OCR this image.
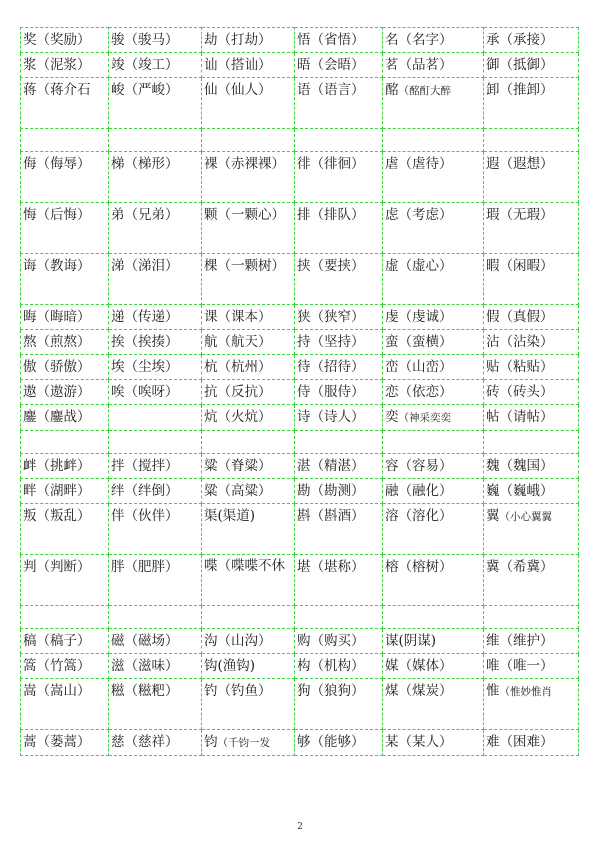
奖（奖励）	骏（骏马）	劫（打劫）	悟（省悟）	名（名字）	承（承接）
浆（泥浆）	竣（竣工）	讪（搭讪）	晤（会晤）	茗（品茗）	御（抵御）
蒋（蒋介石	峻（严峻）	仙（仙人）	语（语言）	酩（酩酊大醉	卸（推卸）

侮（侮辱）	梯（梯形）	裸（赤裸裸）	徘（徘徊）	虐（虐待）	遐（遐想）
悔（后悔）	弟（兄弟）	颗（一颗心）	排（排队）	虑（考虑）	瑕（无瑕）
诲（教诲）	涕（涕泪）	棵（一颗树）	挟（要挟）	虚（虚心）	暇（闲暇）
晦（晦暗）	递（传递）	课（课本）	狭（狭窄）	虔（虔诚）	假（真假）
熬（煎熬）	挨（挨揍）	航（航天）	持（坚持）	蛮（蛮横）	沾（沾染）
傲（骄傲）	埃（尘埃）	杭（杭州）	待（招待）	峦（山峦）	贴（粘贴）
遨（遨游）	唉（唉呀）	抗（反抗）	侍（服侍）	恋（依恋）	砖（砖头）
鏖（鏖战）		炕（火炕）	诗（诗人）	奕（神采奕奕	帖（请帖）

衅（挑衅）	拌（搅拌）	粱（脊粱）	湛（精湛）	容（容易）	魏（魏国）
畔（湖畔）	绊（绊倒）	粱（高粱）	勘（勘测）	融（融化）	巍（巍峨）
叛（叛乱）	伴（伙伴）	渠(渠道)	斟（斟酒）	溶（溶化）	翼（小心翼翼
判（判断）	胖（肥胖）	喋（喋喋不休	堪（堪称）	榕（榕树）	冀（希冀）

稿（稿子）	磁（磁场）	沟（山沟）	购（购买）	谋(阴谋)	维（维护）
篙（竹篙）	滋（滋味）	钩(渔钩)	构（机构）	媒（媒体）	唯（唯一）
嵩（嵩山）	糍（糍粑）	钓（钓鱼）	狗（狼狗）	煤（煤炭）	惟（惟妙惟肖
蒿（蒌蒿）	慈（慈祥）	钧（千钧一发	够（能够）	某（某人）	难（困难）
2
